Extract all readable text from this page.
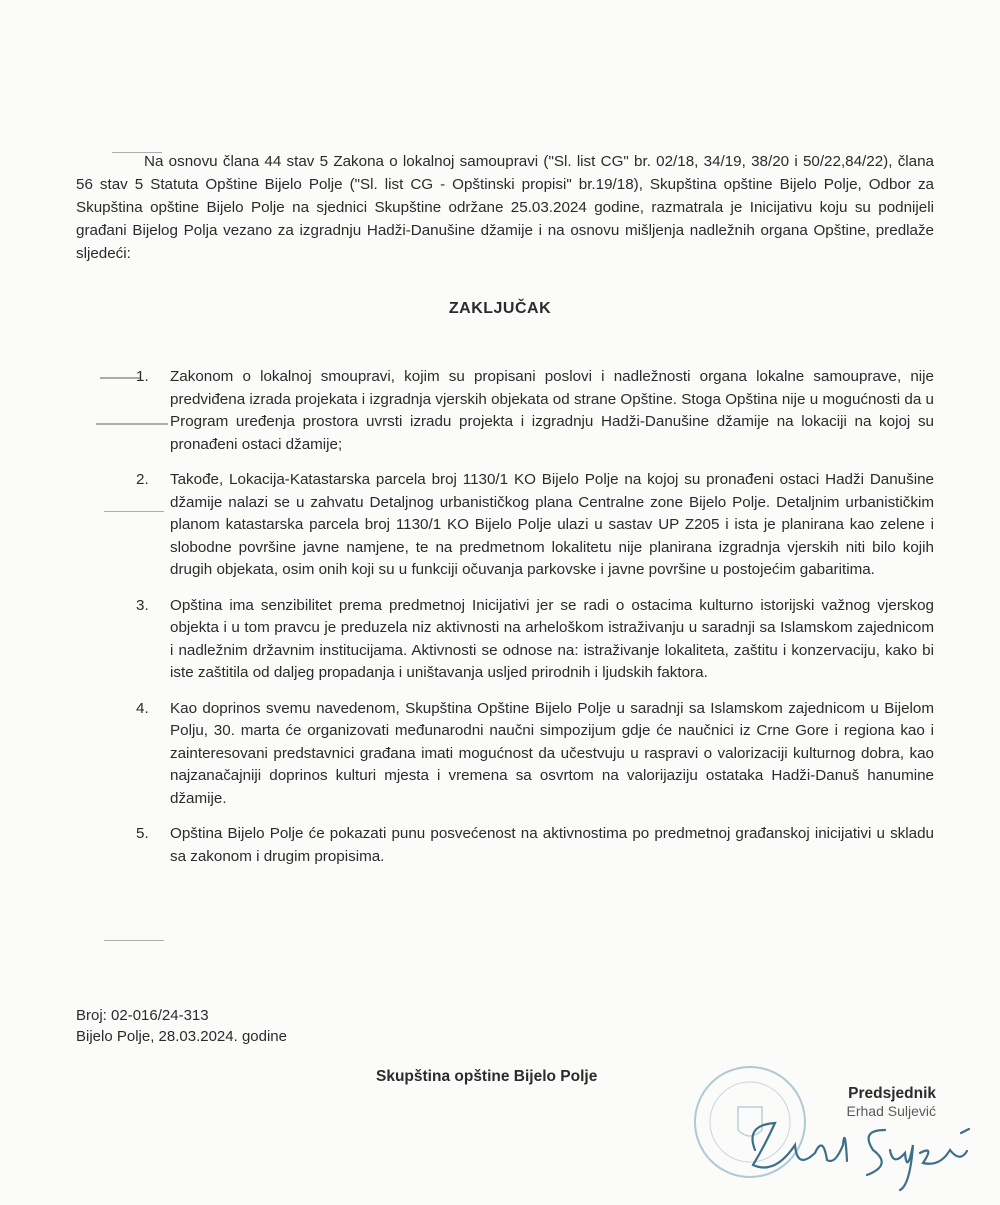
Na osnovu člana 44 stav 5 Zakona o lokalnoj samoupravi ("Sl. list CG" br. 02/18, 34/19, 38/20 i 50/22,84/22), člana 56 stav 5 Statuta Opštine Bijelo Polje ("Sl. list CG - Opštinski propisi" br.19/18), Skupština opštine Bijelo Polje, Odbor za Skupština opštine Bijelo Polje na sjednici Skupštine održane 25.03.2024 godine, razmatrala je Inicijativu koju su podnijeli građani Bijelog Polja vezano za izgradnju Hadži-Danušine džamije i na osnovu mišljenja nadležnih organa Opštine, predlaže sljedeći:

ZAKLJUČAK
1. Zakonom o lokalnoj smoupravi, kojim su propisani poslovi i nadležnosti organa lokalne samouprave, nije predviđena izrada projekata i izgradnja vjerskih objekata od strane Opštine. Stoga Opština nije u mogućnosti da u Program uređenja prostora uvrsti izradu projekta i izgradnju Hadži-Danušine džamije na lokaciji na kojoj su pronađeni ostaci džamije;
2. Takođe, Lokacija-Katastarska parcela broj 1130/1 KO Bijelo Polje na kojoj su pronađeni ostaci Hadži Danušine džamije nalazi se u zahvatu Detaljnog urbanističkog plana Centralne zone Bijelo Polje. Detaljnim urbanističkim planom katastarska parcela broj 1130/1 KO Bijelo Polje ulazi u sastav UP Z205 i ista je planirana kao zelene i slobodne površine javne namjene, te na predmetnom lokalitetu nije planirana izgradnja vjerskih niti bilo kojih drugih objekata, osim onih koji su u funkciji očuvanja parkovske i javne površine u postojećim gabaritima.
3. Opština ima senzibilitet prema predmetnoj Inicijativi jer se radi o ostacima kulturno istorijski važnog vjerskog objekta i u tom pravcu je preduzela niz aktivnosti na arheloškom istraživanju u saradnji sa Islamskom zajednicom i nadležnim državnim institucijama. Aktivnosti se odnose na: istraživanje lokaliteta, zaštitu i konzervaciju, kako bi iste zaštitila od daljeg propadanja i uništavanja usljed prirodnih i ljudskih faktora.
4. Kao doprinos svemu navedenom, Skupština Opštine Bijelo Polje u saradnji sa Islamskom zajednicom u Bijelom Polju, 30. marta će organizovati međunarodni naučni simpozijum gdje će naučnici iz Crne Gore i regiona kao i zainteresovani predstavnici građana imati mogućnost da učestvuju u raspravi o valorizaciji kulturnog dobra, kao najzanačajniji doprinos kulturi mjesta i vremena sa osvrtom na valorijaziju ostataka Hadži-Danuš hanumine džamije.
5. Opština Bijelo Polje će pokazati punu posvećenost na aktivnostima po predmetnoj građanskoj inicijativi u skladu sa zakonom i drugim propisima.
Broj: 02-016/24-313
Bijelo Polje, 28.03.2024. godine
Skupština opštine Bijelo Polje
Predsjednik
Erhad Suljević
